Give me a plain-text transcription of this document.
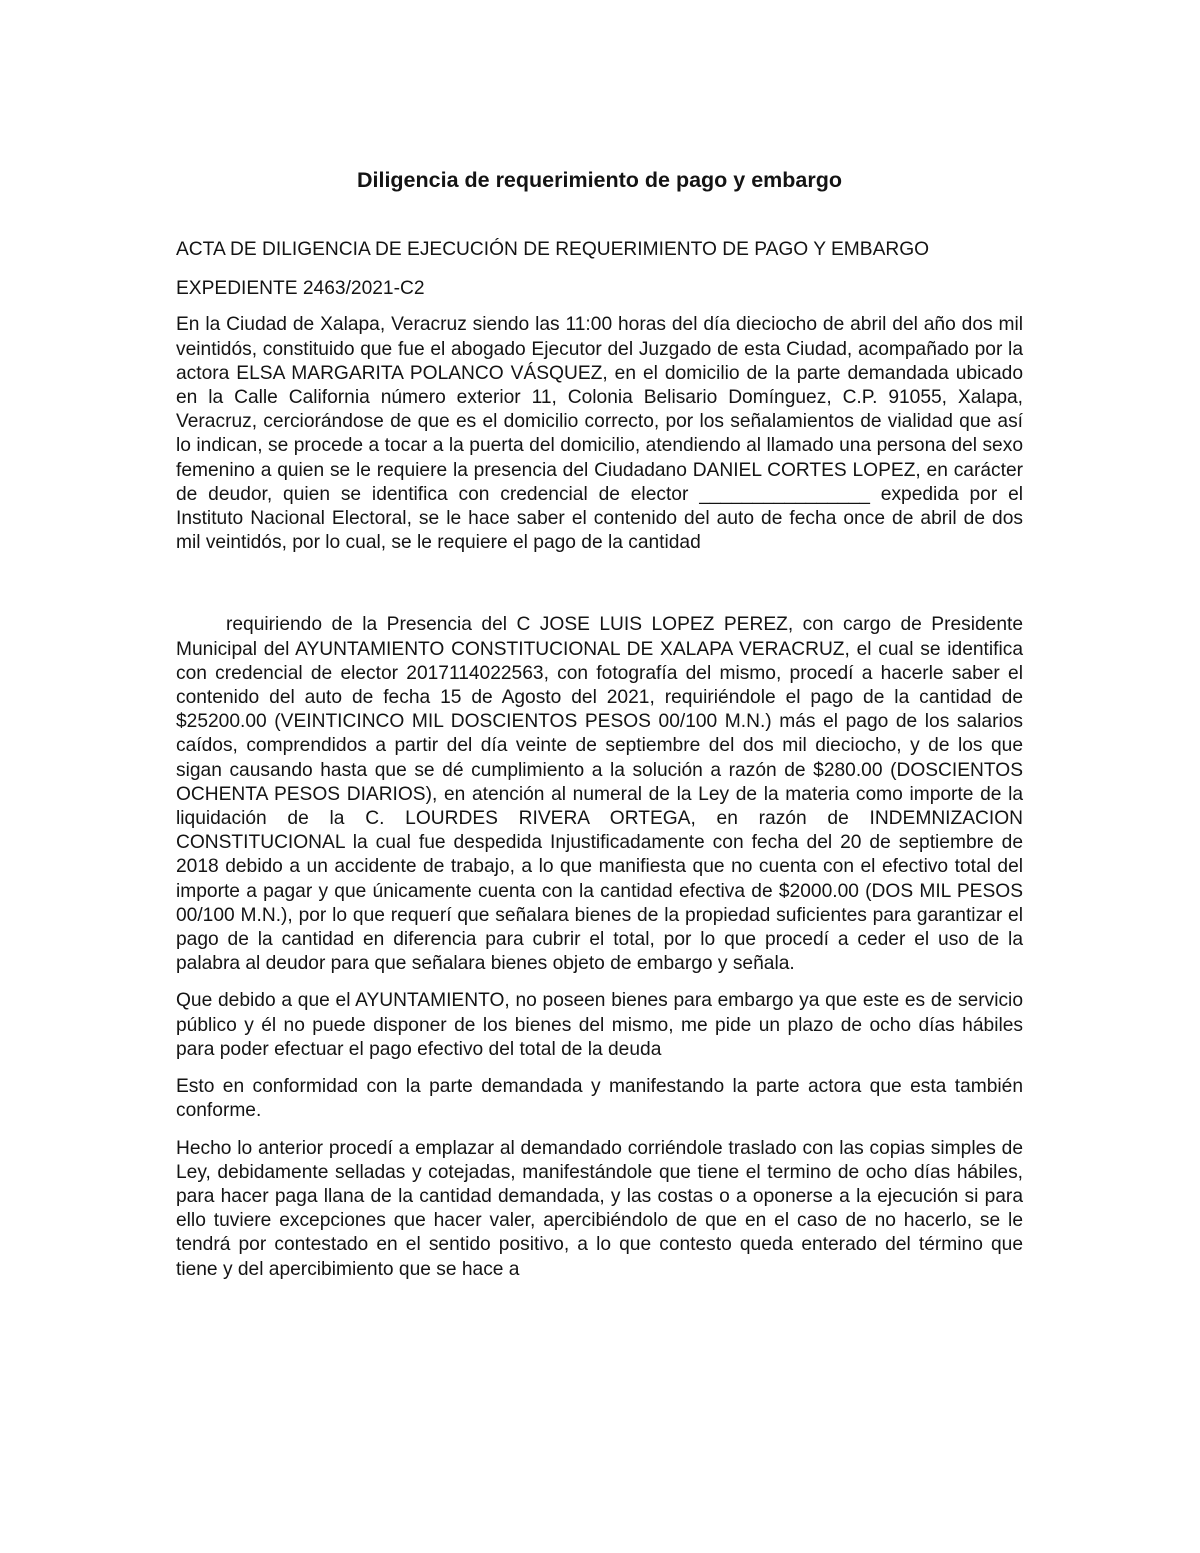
Diligencia de requerimiento de pago y embargo

ACTA DE DILIGENCIA DE EJECUCIÓN DE REQUERIMIENTO DE PAGO Y EMBARGO

EXPEDIENTE 2463/2021-C2

En la Ciudad de Xalapa, Veracruz siendo las 11:00 horas del día dieciocho de abril del año dos mil veintidós, constituido que fue el abogado Ejecutor del Juzgado de esta Ciudad, acompañado por la actora ELSA MARGARITA POLANCO VÁSQUEZ, en el domicilio de la parte demandada ubicado en la Calle California número exterior 11, Colonia Belisario Domínguez, C.P. 91055, Xalapa, Veracruz, cerciorándose de que es el domicilio correcto, por los señalamientos de vialidad que así lo indican, se procede a tocar a la puerta del domicilio, atendiendo al llamado una persona del sexo femenino a quien se le requiere la presencia del Ciudadano DANIEL CORTES LOPEZ, en carácter de deudor, quien se identifica con credencial de elector ________________ expedida por el Instituto Nacional Electoral, se le hace saber el contenido del auto de fecha once de abril de dos mil veintidós, por lo cual, se le requiere el pago de la cantidad

requiriendo de la Presencia del C JOSE LUIS LOPEZ PEREZ, con cargo de Presidente Municipal del AYUNTAMIENTO CONSTITUCIONAL DE XALAPA VERACRUZ, el cual se identifica con credencial de elector 2017114022563, con fotografía del mismo, procedí a hacerle saber el contenido del auto de fecha 15 de Agosto del 2021, requiriéndole el pago de la cantidad de $25200.00 (VEINTICINCO MIL DOSCIENTOS PESOS 00/100 M.N.) más el pago de los salarios caídos, comprendidos a partir del día veinte de septiembre del dos mil dieciocho, y de los que sigan causando hasta que se dé cumplimiento a la solución a razón de $280.00 (DOSCIENTOS OCHENTA PESOS DIARIOS), en atención al numeral de la Ley de la materia como importe de la liquidación de la C. LOURDES RIVERA ORTEGA, en razón de INDEMNIZACION CONSTITUCIONAL la cual fue despedida Injustificadamente con fecha del 20 de septiembre de 2018 debido a un accidente de trabajo, a lo que manifiesta que no cuenta con el efectivo total del importe a pagar y que únicamente cuenta con la cantidad efectiva de $2000.00 (DOS MIL PESOS 00/100 M.N.), por lo que requerí que señalara bienes de la propiedad suficientes para garantizar el pago de la cantidad en diferencia para cubrir el total, por lo que procedí a ceder el uso de la palabra al deudor para que señalara bienes objeto de embargo y señala.

Que debido a que el AYUNTAMIENTO, no poseen bienes para embargo ya que este es de servicio público y él no puede disponer de los bienes del mismo, me pide un plazo de ocho días hábiles para poder efectuar el pago efectivo del total de la deuda

Esto en conformidad con la parte demandada y manifestando la parte actora que esta también conforme.

Hecho lo anterior procedí a emplazar al demandado corriéndole traslado con las copias simples de Ley, debidamente selladas y cotejadas, manifestándole que tiene el termino de ocho días hábiles, para hacer paga llana de la cantidad demandada, y las costas o a oponerse a la ejecución si para ello tuviere excepciones que hacer valer, apercibiéndolo de que en el caso de no hacerlo, se le tendrá por contestado en el sentido positivo, a lo que contesto queda enterado del término que tiene y del apercibimiento que se hace a
